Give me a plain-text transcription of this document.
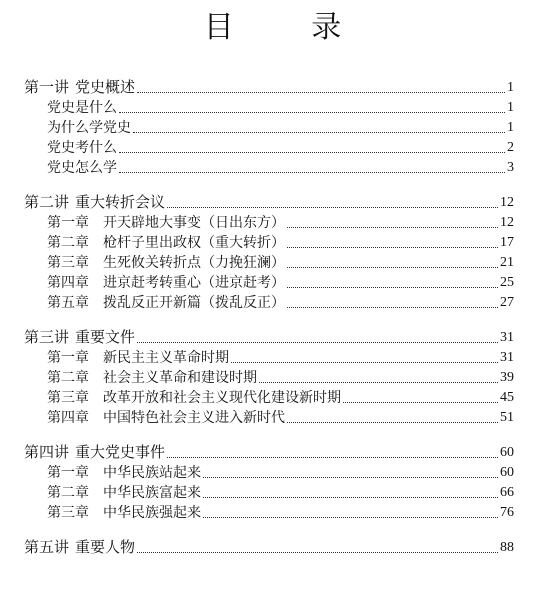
目 录
第一讲 党史概述	1
党史是什么	1
为什么学党史	1
党史考什么	2
党史怎么学	3
第二讲 重大转折会议	12
第一章 开天辟地大事变（日出东方）	12
第二章 枪杆子里出政权（重大转折）	17
第三章 生死攸关转折点（力挽狂澜）	21
第四章 进京赶考转重心（进京赶考）	25
第五章 拨乱反正开新篇（拨乱反正）	27
第三讲 重要文件	31
第一章 新民主主义革命时期	31
第二章 社会主义革命和建设时期	39
第三章 改革开放和社会主义现代化建设新时期	45
第四章 中国特色社会主义进入新时代	51
第四讲 重大党史事件	60
第一章 中华民族站起来	60
第二章 中华民族富起来	66
第三章 中华民族强起来	76
第五讲 重要人物	88
